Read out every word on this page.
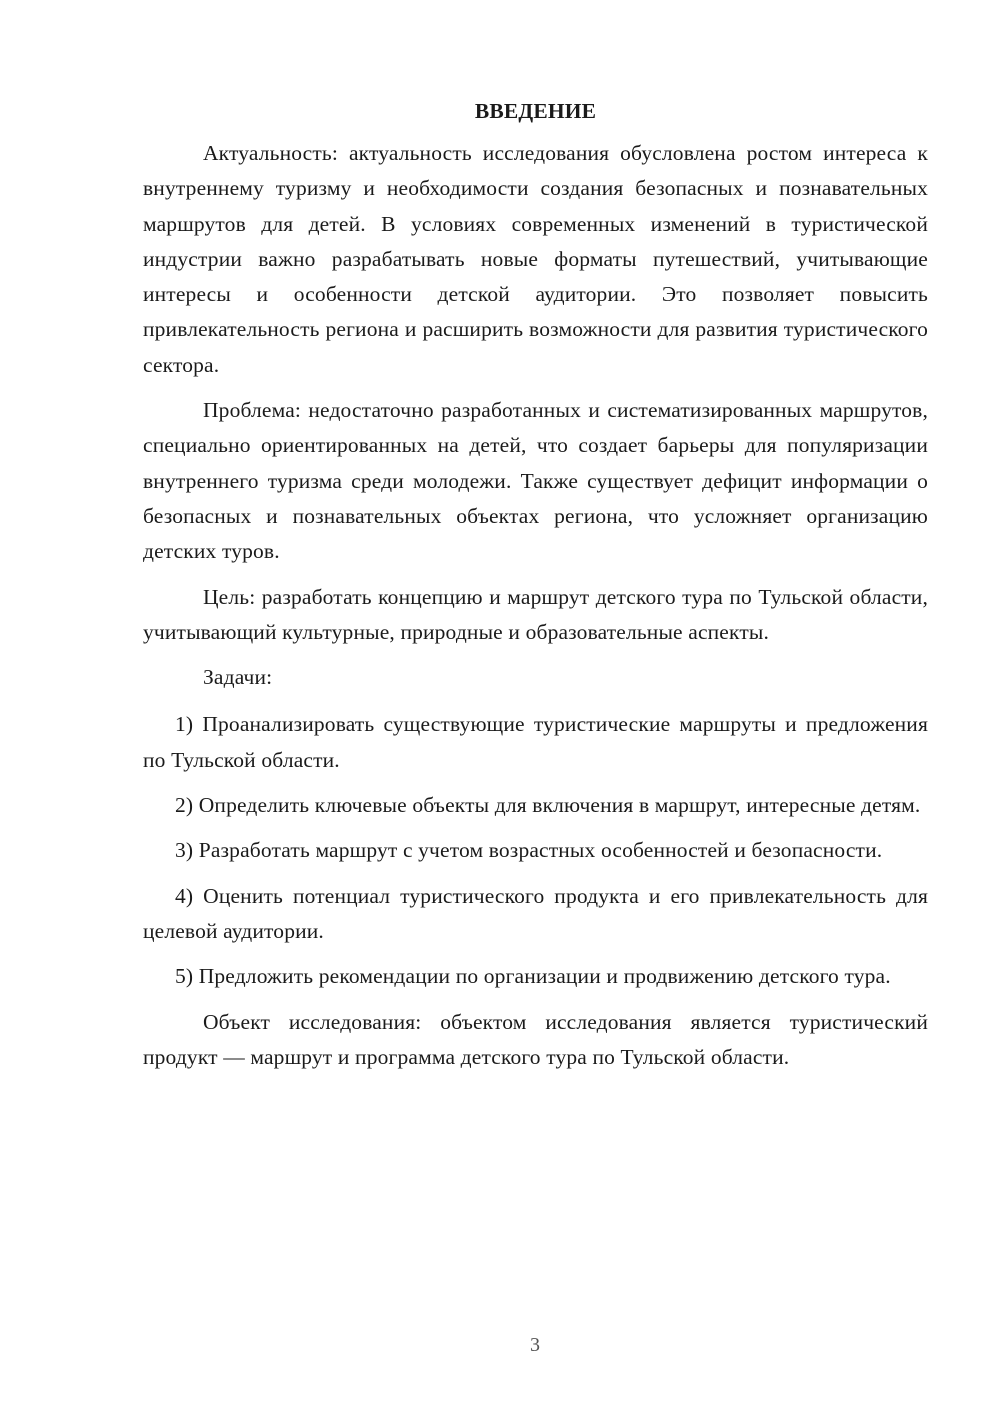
ВВЕДЕНИЕ

Актуальность: актуальность исследования обусловлена ростом интереса к внутреннему туризму и необходимости создания безопасных и познавательных маршрутов для детей. В условиях современных изменений в туристической индустрии важно разрабатывать новые форматы путешествий, учитывающие интересы и особенности детской аудитории. Это позволяет повысить привлекательность региона и расширить возможности для развития туристического сектора.

Проблема: недостаточно разработанных и систематизированных маршрутов, специально ориентированных на детей, что создает барьеры для популяризации внутреннего туризма среди молодежи. Также существует дефицит информации о безопасных и познавательных объектах региона, что усложняет организацию детских туров.

Цель: разработать концепцию и маршрут детского тура по Тульской области, учитывающий культурные, природные и образовательные аспекты.

Задачи:

1) Проанализировать существующие туристические маршруты и предложения по Тульской области.

2) Определить ключевые объекты для включения в маршрут, интересные детям.

3) Разработать маршрут с учетом возрастных особенностей и безопасности.

4) Оценить потенциал туристического продукта и его привлекательность для целевой аудитории.

5) Предложить рекомендации по организации и продвижению детского тура.

Объект исследования: объектом исследования является туристический продукт — маршрут и программа детского тура по Тульской области.

3
